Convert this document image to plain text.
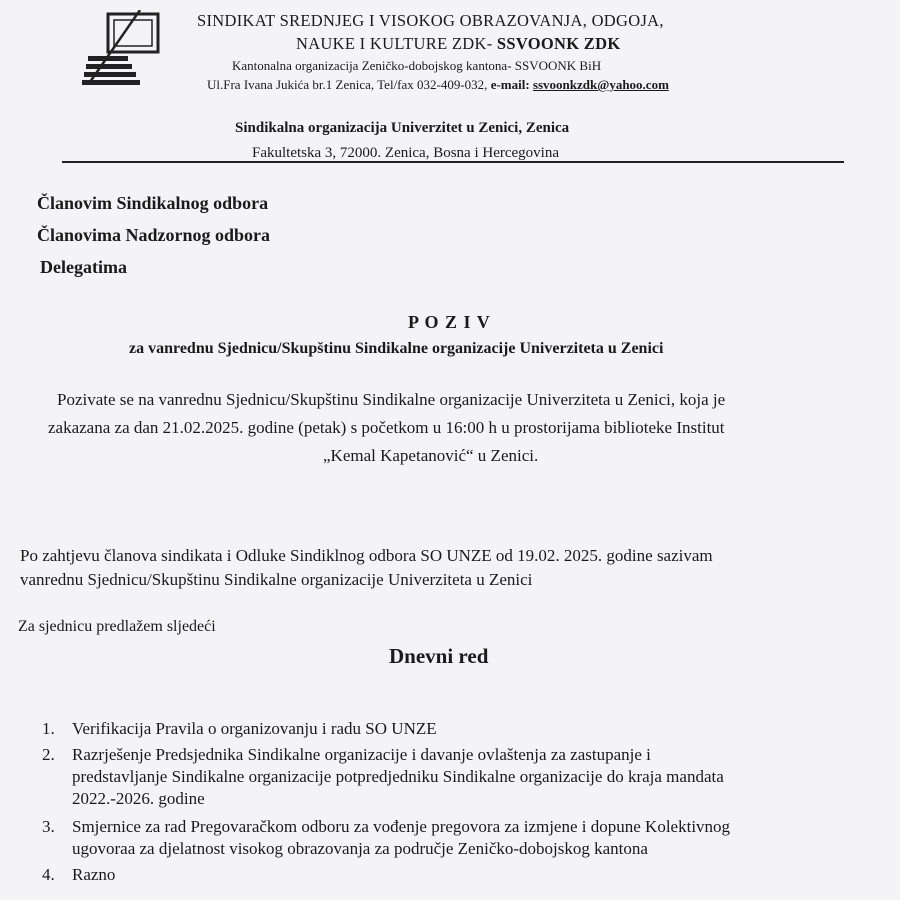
SINDIKAT SREDNJEG I VISOKOG OBRAZOVANJA, ODGOJA,
NAUKE I KULTURE ZDK- SSVOONK ZDK
Kantonalna organizacija Zeničko-dobojskog kantona- SSVOONK BiH
Ul.Fra Ivana Jukića br.1 Zenica, Tel/fax 032-409-032, e-mail: ssvoonkzdk@yahoo.com
Sindikalna organizacija Univerzitet u Zenici, Zenica
Fakultetska 3, 72000. Zenica, Bosna i Hercegovina
Članovim Sindikalnog odbora
Članovima Nadzornog odbora
Delegatima
P O Z I V
za vanrednu Sjednicu/Skupštinu Sindikalne organizacije Univerziteta u Zenici
Pozivate se na vanrednu Sjednicu/Skupštinu Sindikalne organizacije Univerziteta u Zenici, koja je
zakazana za dan 21.02.2025. godine (petak) s početkom u 16:00 h u prostorijama biblioteke Institut
„Kemal Kapetanović“ u Zenici.
Po zahtjevu članova sindikata i Odluke Sindiklnog odbora SO UNZE od 19.02. 2025. godine sazivam
vanrednu Sjednicu/Skupštinu Sindikalne organizacije Univerziteta u Zenici
Za sjednicu predlažem sljedeći
Dnevni red
1. Verifikacija Pravila o organizovanju i radu SO UNZE
2. Razrješenje Predsjednika Sindikalne organizacije i davanje ovlaštenja za zastupanje i
predstavljanje Sindikalne organizacije potpredjedniku Sindikalne organizacije do kraja mandata
2022.-2026. godine
3. Smjernice za rad Pregovaračkom odboru za vođenje pregovora za izmjene i dopune Kolektivnog
ugovoraa za djelatnost visokog obrazovanja za područje Zeničko-dobojskog kantona
4. Razno
